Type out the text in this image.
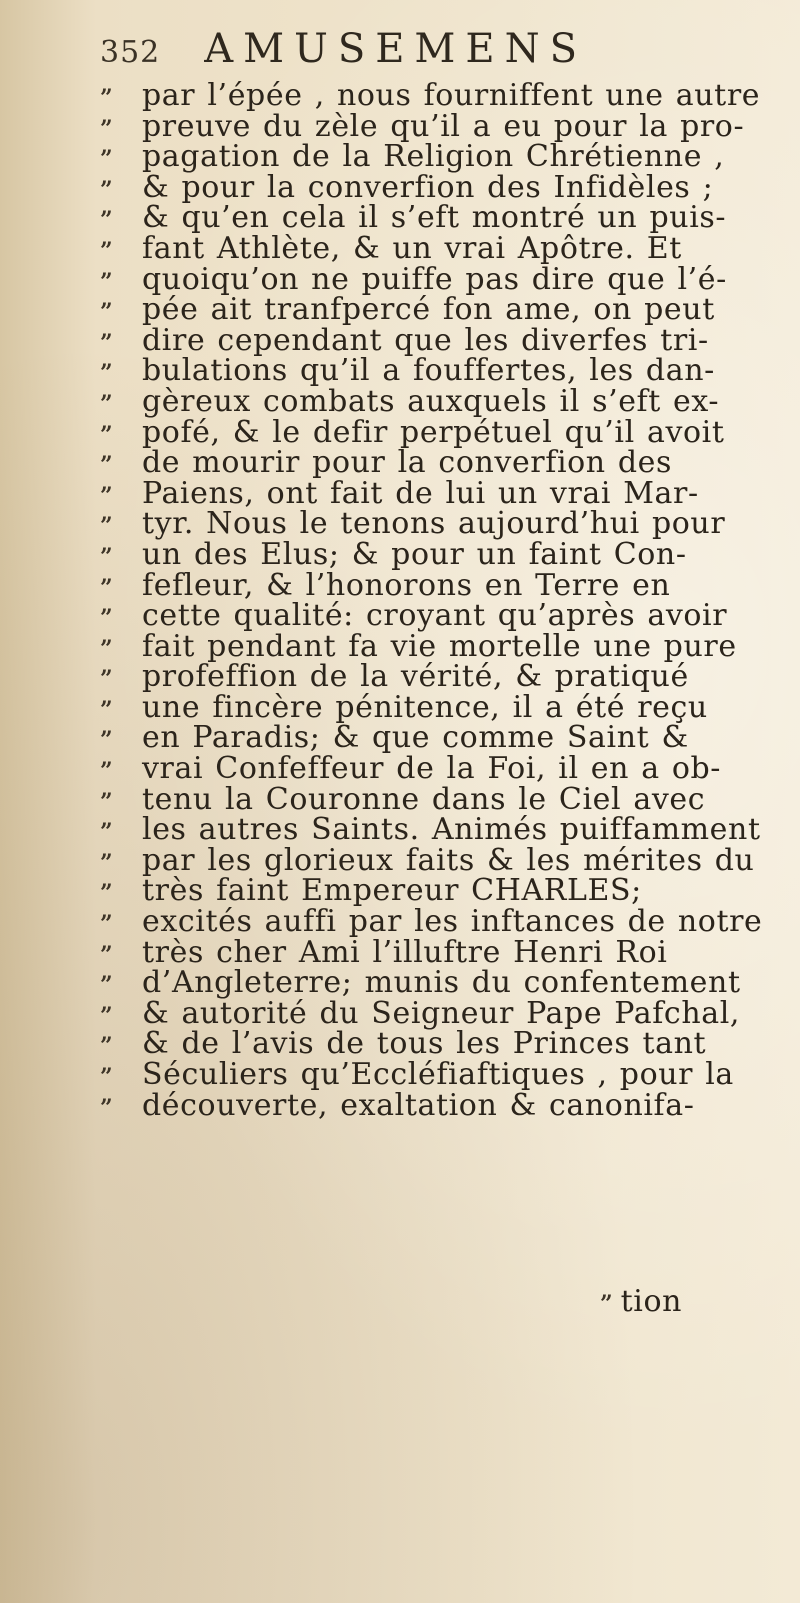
352 AMUSEMENS
” par l’épée , nous fourniffent une autre
” preuve du zèle qu’il a eu pour la pro-
” pagation de la Religion Chrétienne ,
” & pour la converfion des Infidèles ;
” & qu’en cela il s’eft montré un puis-
” fant Athlète, & un vrai Apôtre. Et
” quoiqu’on ne puiffe pas dire que l’é-
” pée ait tranfpercé fon ame, on peut
” dire cependant que les diverfes tri-
” bulations qu’il a fouffertes, les dan-
” gèreux combats auxquels il s’eft ex-
” pofé, & le defir perpétuel qu’il avoit
” de mourir pour la converfion des
” Paiens, ont fait de lui un vrai Mar-
” tyr. Nous le tenons aujourd’hui pour
” un des Elus; & pour un faint Con-
” fefleur, & l’honorons en Terre en
” cette qualité: croyant qu’après avoir
” fait pendant fa vie mortelle une pure
” profeffion de la vérité, & pratiqué
” une fincère pénitence, il a été reçu
” en Paradis; & que comme Saint &
” vrai Confeffeur de la Foi, il en a ob-
” tenu la Couronne dans le Ciel avec
” les autres Saints. Animés puiffamment
” par les glorieux faits & les mérites du
” très faint Empereur CHARLES;
” excités auffi par les inftances de notre
” très cher Ami l’illuftre Henri Roi
” d’Angleterre; munis du confentement
” & autorité du Seigneur Pape Pafchal,
” & de l’avis de tous les Princes tant
” Séculiers qu’Eccléfiaftiques , pour la
” découverte, exaltation & canonifa-
” tion
